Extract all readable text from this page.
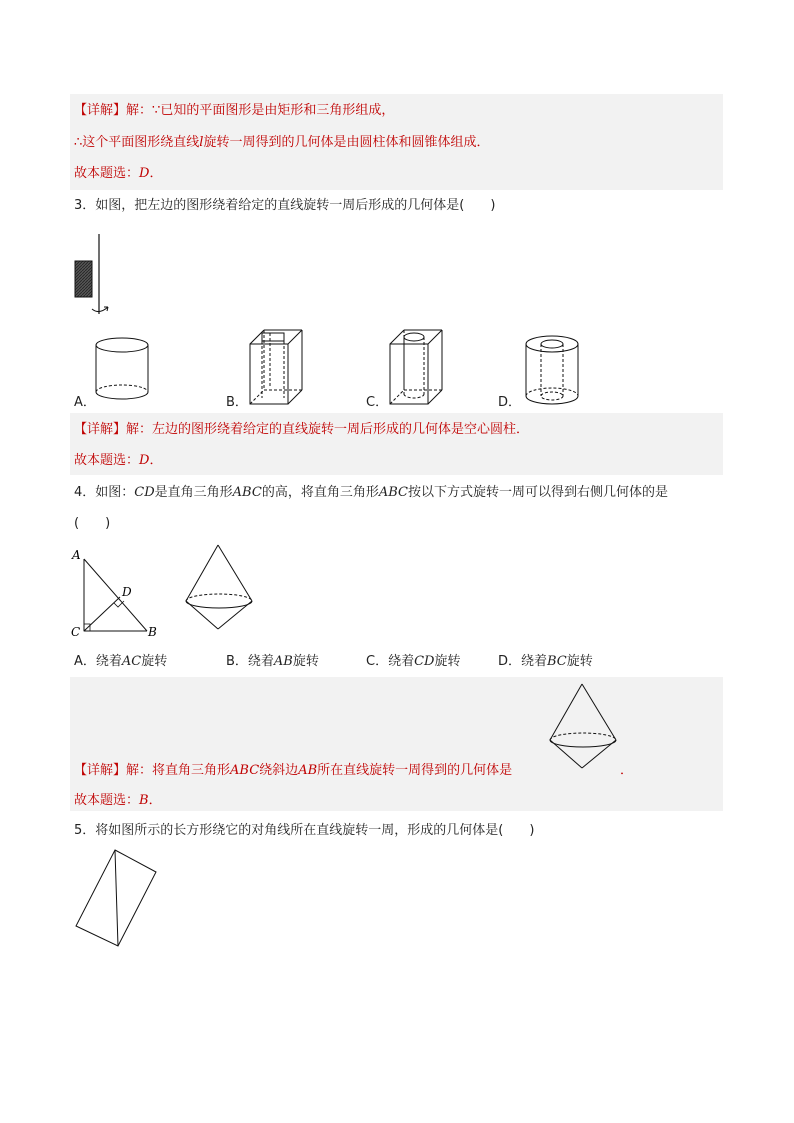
【详解】解：∵已知的平面图形是由矩形和三角形组成，
∴这个平面图形绕直线l旋转一周得到的几何体是由圆柱体和圆锥体组成．
故本题选：D．
3．如图，把左边的图形绕着给定的直线旋转一周后形成的几何体是(　　)
A．	B．	C．	D．
【详解】解：左边的图形绕着给定的直线旋转一周后形成的几何体是空心圆柱．
故本题选：D．
4．如图：CD是直角三角形ABC的高，将直角三角形ABC按以下方式旋转一周可以得到右侧几何体的是
(　　)
A
D
C	B
A．绕着AC旋转	B．绕着AB旋转	C．绕着CD旋转	D．绕着BC旋转
【详解】解：将直角三角形ABC绕斜边AB所在直线旋转一周得到的几何体是	．
故本题选：B．
5．将如图所示的长方形绕它的对角线所在直线旋转一周，形成的几何体是(　　)
